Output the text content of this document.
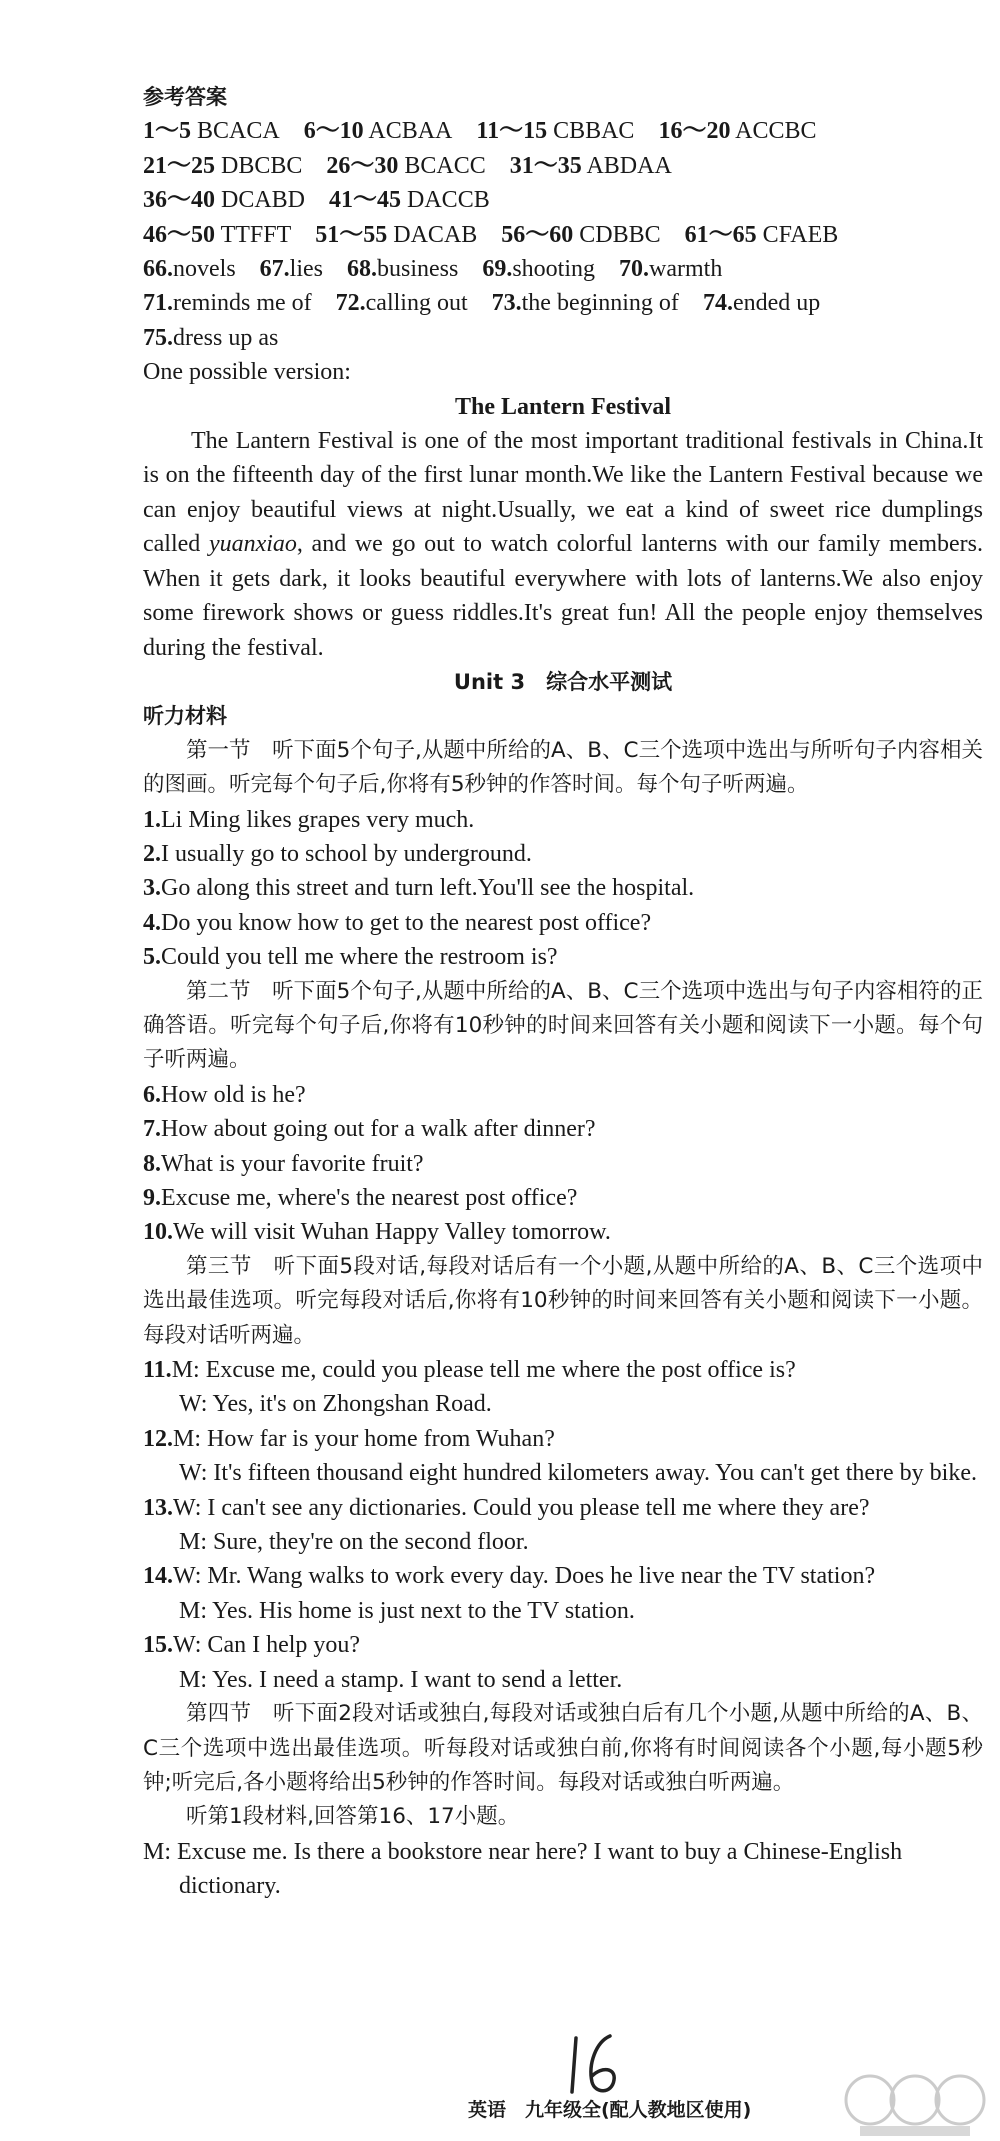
参考答案
1～5 BCACA 6～10 ACBAA 11～15 CBBAC 16～20 ACCBC
21～25 DBCBC 26～30 BCACC 31～35 ABDAA
36～40 DCABD 41～45 DACCB
46～50 TTFFT 51～55 DACAB 56～60 CDBBC 61～65 CFAEB
66.novels 67.lies 68.business 69.shooting 70.warmth
71.reminds me of 72.calling out 73.the beginning of 74.ended up
75.dress up as
One possible version:
The Lantern Festival
The Lantern Festival is one of the most important traditional festivals in China.It is on the fifteenth day of the first lunar month.We like the Lantern Festival because we can enjoy beautiful views at night.Usually, we eat a kind of sweet rice dumplings called yuanxiao, and we go out to watch colorful lanterns with our family members. When it gets dark, it looks beautiful everywhere with lots of lanterns.We also enjoy some firework shows or guess riddles.It's great fun! All the people enjoy themselves during the festival.
Unit 3　综合水平测试
听力材料
第一节　听下面5个句子,从题中所给的A、B、C三个选项中选出与所听句子内容相关的图画。听完每个句子后,你将有5秒钟的作答时间。每个句子听两遍。
1.Li Ming likes grapes very much.
2.I usually go to school by underground.
3.Go along this street and turn left.You'll see the hospital.
4.Do you know how to get to the nearest post office?
5.Could you tell me where the restroom is?
第二节　听下面5个句子,从题中所给的A、B、C三个选项中选出与句子内容相符的正确答语。听完每个句子后,你将有10秒钟的时间来回答有关小题和阅读下一小题。每个句子听两遍。
6.How old is he?
7.How about going out for a walk after dinner?
8.What is your favorite fruit?
9.Excuse me, where's the nearest post office?
10.We will visit Wuhan Happy Valley tomorrow.
第三节　听下面5段对话,每段对话后有一个小题,从题中所给的A、B、C三个选项中选出最佳选项。听完每段对话后,你将有10秒钟的时间来回答有关小题和阅读下一小题。每段对话听两遍。
11.M: Excuse me, could you please tell me where the post office is?
W: Yes, it's on Zhongshan Road.
12.M: How far is your home from Wuhan?
W: It's fifteen thousand eight hundred kilometers away. You can't get there by bike.
13.W: I can't see any dictionaries. Could you please tell me where they are?
M: Sure, they're on the second floor.
14.W: Mr. Wang walks to work every day. Does he live near the TV station?
M: Yes. His home is just next to the TV station.
15.W: Can I help you?
M: Yes. I need a stamp. I want to send a letter.
第四节　听下面2段对话或独白,每段对话或独白后有几个小题,从题中所给的A、B、C三个选项中选出最佳选项。听每段对话或独白前,你将有时间阅读各个小题,每小题5秒钟;听完后,各小题将给出5秒钟的作答时间。每段对话或独白听两遍。
听第1段材料,回答第16、17小题。
M: Excuse me. Is there a bookstore near here? I want to buy a Chinese-English dictionary.
英语　九年级全(配人教地区使用)
